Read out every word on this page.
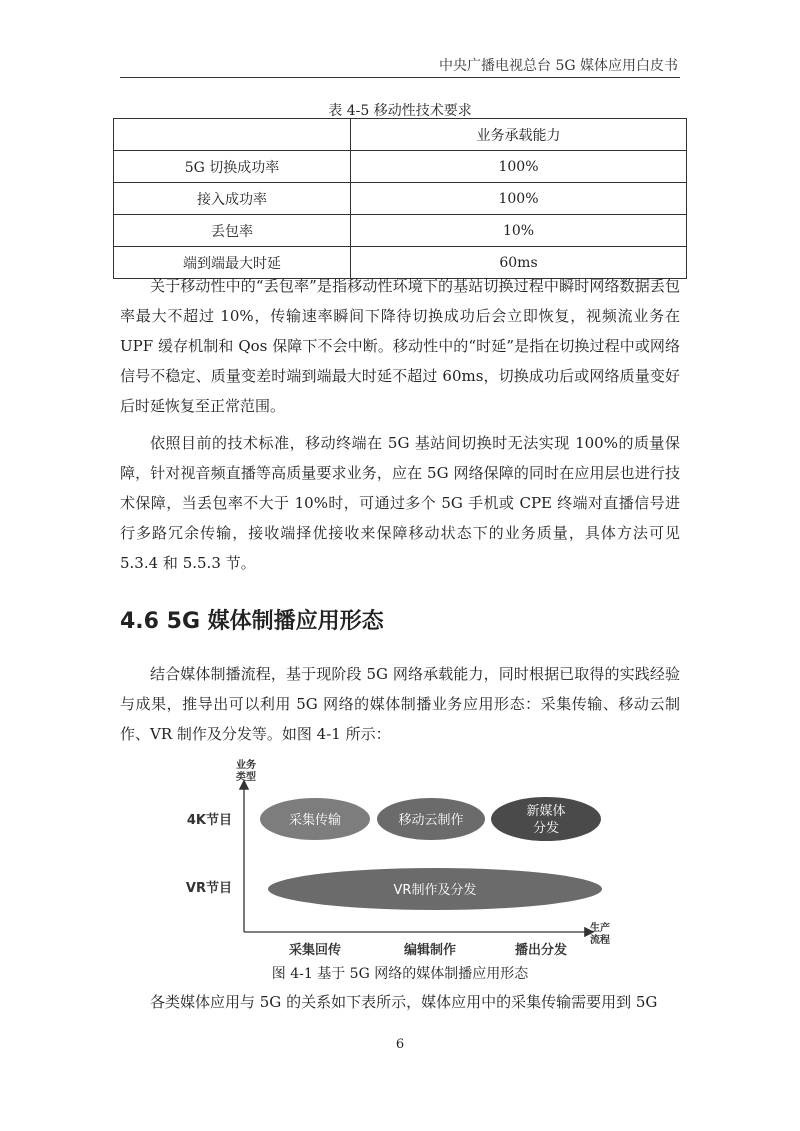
中央广播电视总台 5G 媒体应用白皮书
表 4-5 移动性技术要求
	业务承载能力
5G 切换成功率	100%
接入成功率	100%
丢包率	10%
端到端最大时延	60ms

关于移动性中的“丢包率”是指移动性环境下的基站切换过程中瞬时网络数据丢包率最大不超过 10%，传输速率瞬间下降待切换成功后会立即恢复，视频流业务在 UPF 缓存机制和 Qos 保障下不会中断。移动性中的“时延”是指在切换过程中或网络信号不稳定、质量变差时端到端最大时延不超过 60ms，切换成功后或网络质量变好后时延恢复至正常范围。

依照目前的技术标准，移动终端在 5G 基站间切换时无法实现 100%的质量保障，针对视音频直播等高质量要求业务，应在 5G 网络保障的同时在应用层也进行技术保障，当丢包率不大于 10%时，可通过多个 5G 手机或 CPE 终端对直播信号进行多路冗余传输，接收端择优接收来保障移动状态下的业务质量，具体方法可见 5.3.4 和 5.5.3 节。

4.6 5G 媒体制播应用形态

结合媒体制播流程，基于现阶段 5G 网络承载能力，同时根据已取得的实践经验与成果，推导出可以利用 5G 网络的媒体制播业务应用形态：采集传输、移动云制作、VR 制作及分发等。如图 4-1 所示：

业务
类型
生产
流程
4K节目
VR节目
采集回传	编辑制作	播出分发
采集传输	移动云制作
新媒体
分发
VR制作及分发
图 4-1 基于 5G 网络的媒体制播应用形态

各类媒体应用与 5G 的关系如下表所示，媒体应用中的采集传输需要用到 5G

6
